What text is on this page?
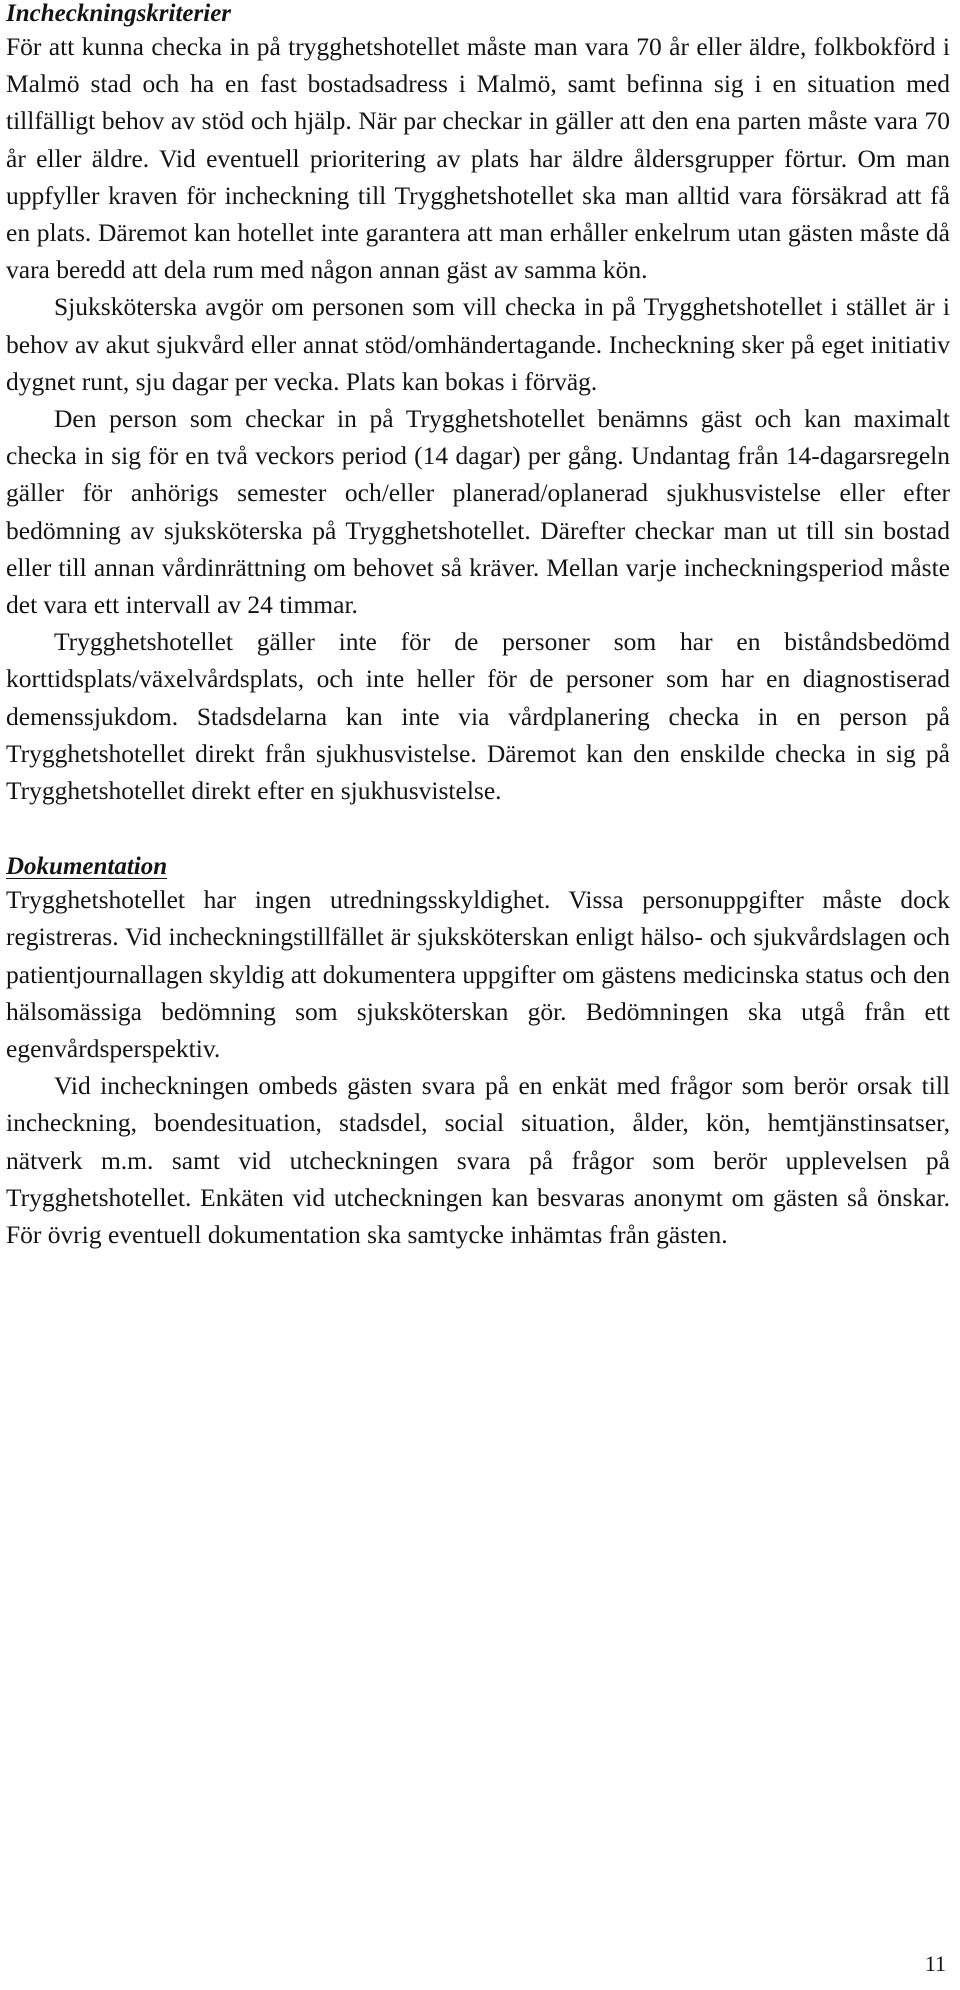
Incheckningskriterier

För att kunna checka in på trygghetshotellet måste man vara 70 år eller äldre, folkbokförd i Malmö stad och ha en fast bostadsadress i Malmö, samt befinna sig i en situation med tillfälligt behov av stöd och hjälp. När par checkar in gäller att den ena parten måste vara 70 år eller äldre. Vid eventuell prioritering av plats har äldre åldersgrupper förtur. Om man uppfyller kraven för incheckning till Trygghetshotellet ska man alltid vara försäkrad att få en plats. Däremot kan hotellet inte garantera att man erhåller enkelrum utan gästen måste då vara beredd att dela rum med någon annan gäst av samma kön.

Sjuksköterska avgör om personen som vill checka in på Trygghetshotellet i stället är i behov av akut sjukvård eller annat stöd/omhändertagande. Incheckning sker på eget initiativ dygnet runt, sju dagar per vecka. Plats kan bokas i förväg.

Den person som checkar in på Trygghetshotellet benämns gäst och kan maximalt checka in sig för en två veckors period (14 dagar) per gång. Undantag från 14-dagarsregeln gäller för anhörigs semester och/eller planerad/oplanerad sjukhusvistelse eller efter bedömning av sjuksköterska på Trygghetshotellet. Därefter checkar man ut till sin bostad eller till annan vårdinrättning om behovet så kräver. Mellan varje incheckningsperiod måste det vara ett intervall av 24 timmar.

Trygghetshotellet gäller inte för de personer som har en biståndsbedömd korttidsplats/växelvårdsplats, och inte heller för de personer som har en diagnostiserad demenssjukdom. Stadsdelarna kan inte via vårdplanering checka in en person på Trygghetshotellet direkt från sjukhusvistelse. Däremot kan den enskilde checka in sig på Trygghetshotellet direkt efter en sjukhusvistelse.

Dokumentation

Trygghetshotellet har ingen utredningsskyldighet. Vissa personuppgifter måste dock registreras. Vid incheckningstillfället är sjuksköterskan enligt hälso- och sjukvårdslagen och patientjournallagen skyldig att dokumentera uppgifter om gästens medicinska status och den hälsomässiga bedömning som sjuksköterskan gör. Bedömningen ska utgå från ett egenvårdsperspektiv.

Vid incheckningen ombeds gästen svara på en enkät med frågor som berör orsak till incheckning, boendesituation, stadsdel, social situation, ålder, kön, hemtjänstinsatser, nätverk m.m. samt vid utcheckningen svara på frågor som berör upplevelsen på Trygghetshotellet. Enkäten vid utcheckningen kan besvaras anonymt om gästen så önskar. För övrig eventuell dokumentation ska samtycke inhämtas från gästen.

11
